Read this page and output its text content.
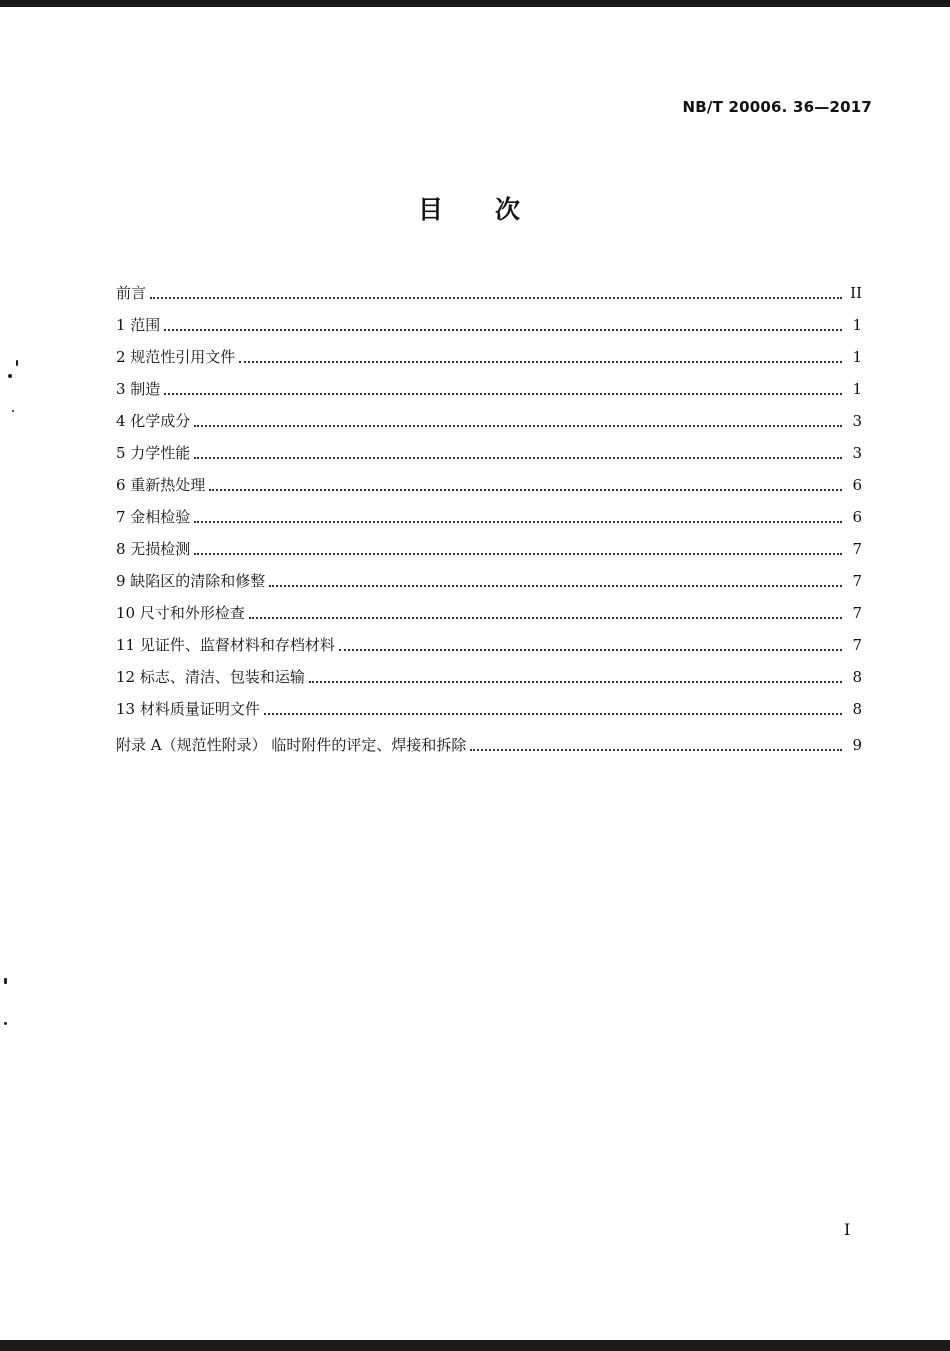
NB/T 20006. 36—2017
目次
前言	II
1 范围	1
2 规范性引用文件	1
3 制造	1
4 化学成分	3
5 力学性能	3
6 重新热处理	6
7 金相检验	6
8 无损检测	7
9 缺陷区的清除和修整	7
10 尺寸和外形检查	7
11 见证件、监督材料和存档材料	7
12 标志、清洁、包装和运输	8
13 材料质量证明文件	8
附录 A（规范性附录） 临时附件的评定、焊接和拆除	9
I
